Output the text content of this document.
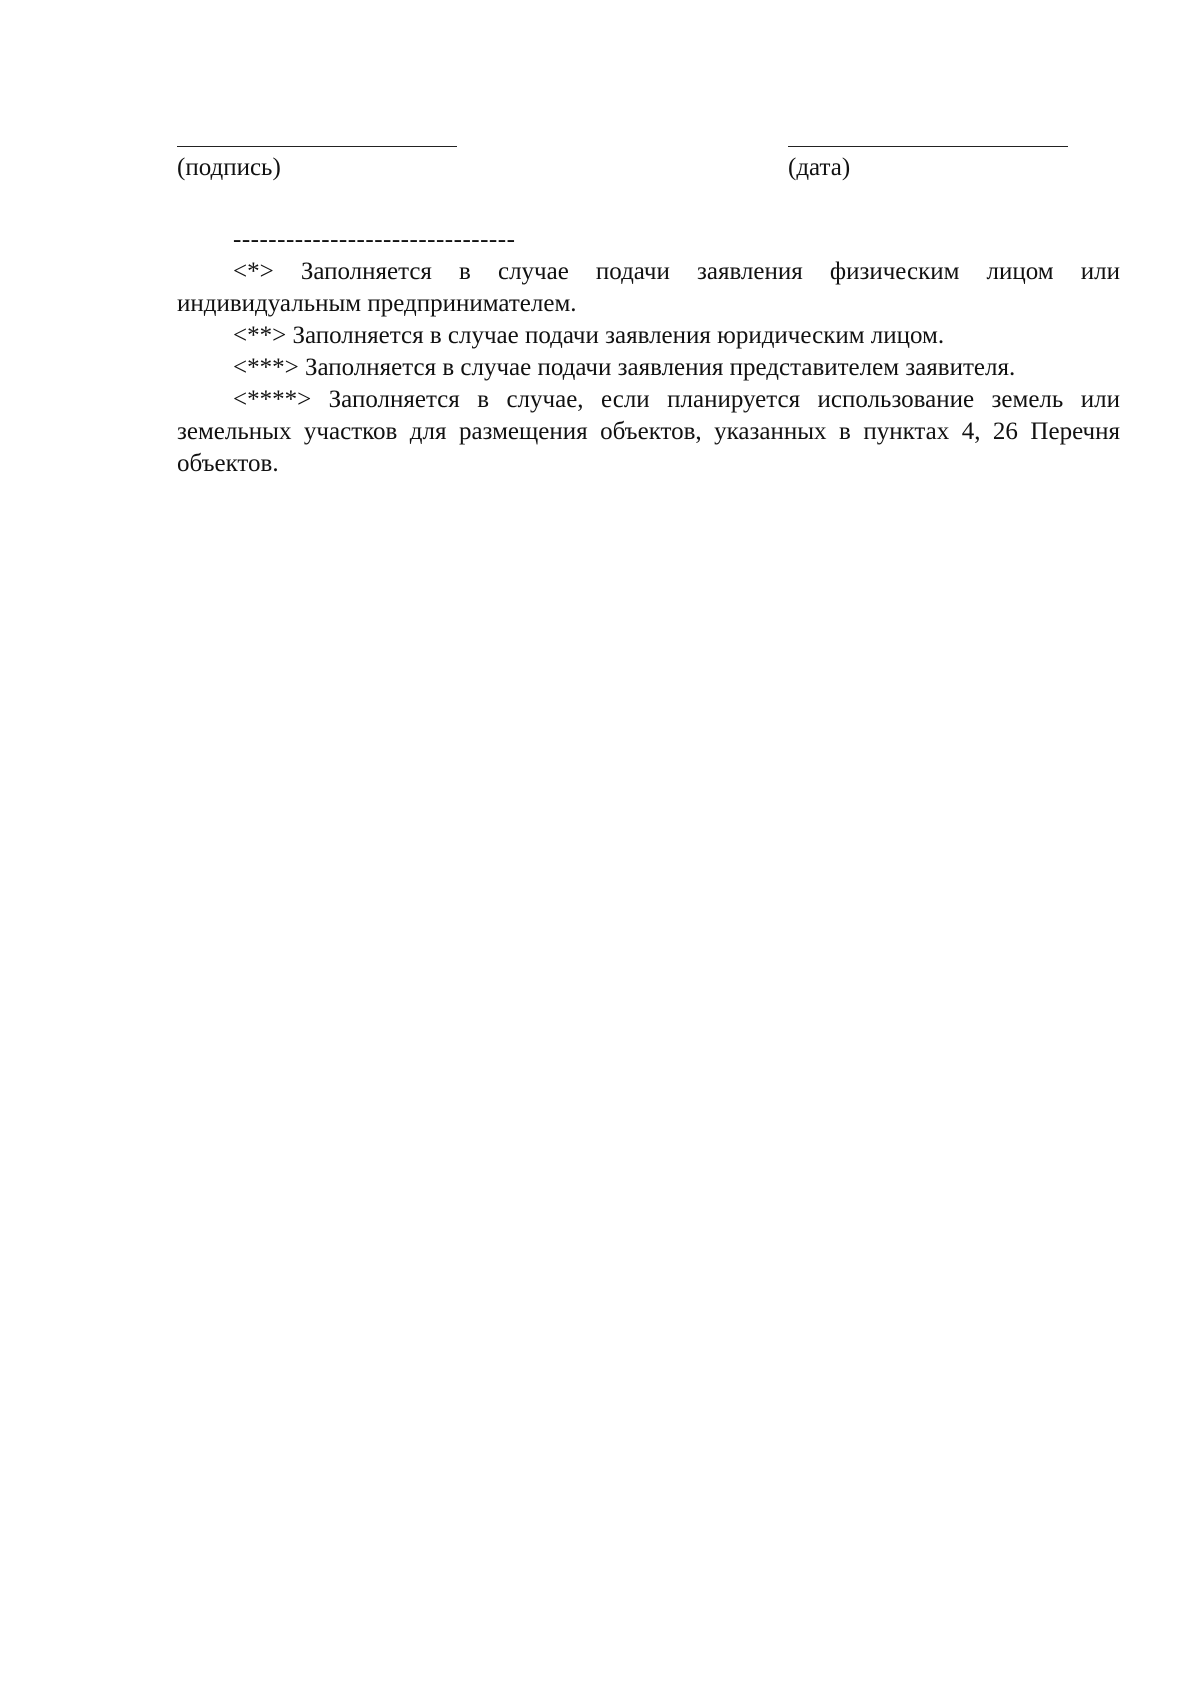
(подпись)	(дата)
--------------------------------

<*> Заполняется в случае подачи заявления физическим лицом или индивидуальным предпринимателем.

<**> Заполняется в случае подачи заявления юридическим лицом.

<***> Заполняется в случае подачи заявления представителем заявителя.

<****> Заполняется в случае, если планируется использование земель или земельных участков для размещения объектов, указанных в пунктах 4, 26 Перечня объектов.
